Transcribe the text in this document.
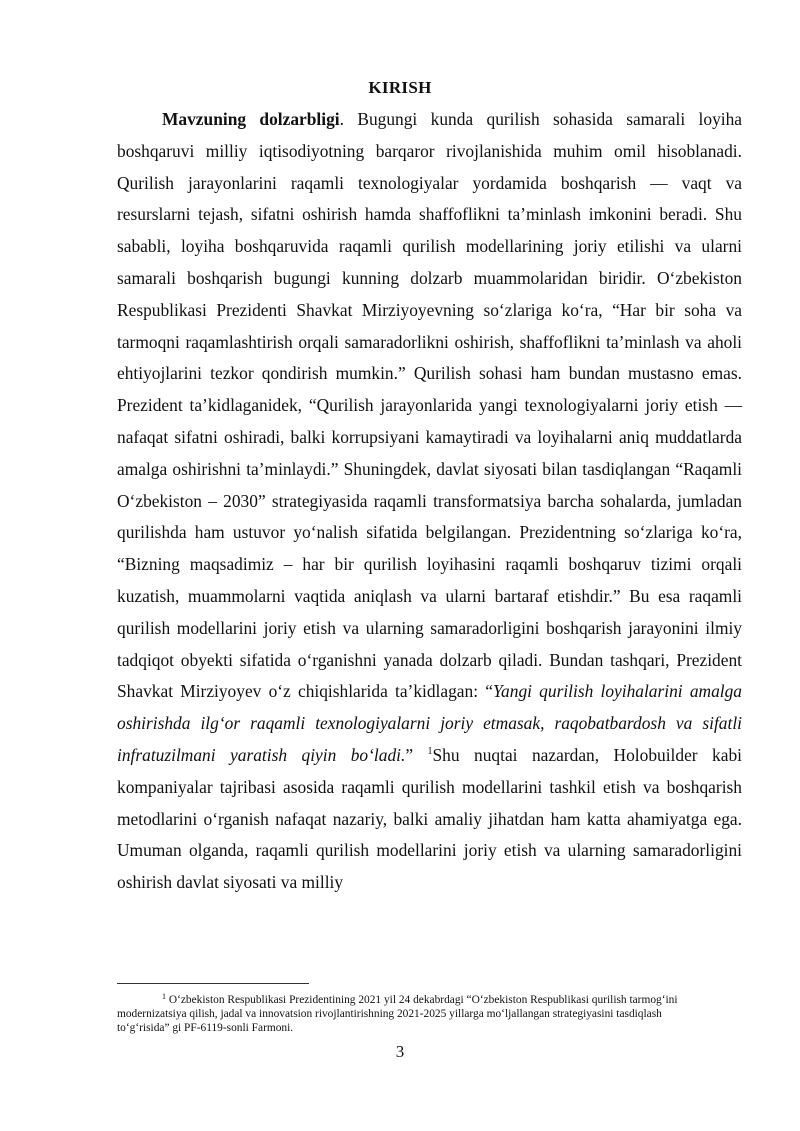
KIRISH

Mavzuning dolzarbligi. Bugungi kunda qurilish sohasida samarali loyiha boshqaruvi milliy iqtisodiyotning barqaror rivojlanishida muhim omil hisoblanadi. Qurilish jarayonlarini raqamli texnologiyalar yordamida boshqarish — vaqt va resurslarni tejash, sifatni oshirish hamda shaffoflikni taʼminlash imkonini beradi. Shu sababli, loyiha boshqaruvida raqamli qurilish modellarining joriy etilishi va ularni samarali boshqarish bugungi kunning dolzarb muammolaridan biridir. Oʻzbekiston Respublikasi Prezidenti Shavkat Mirziyoyevning soʻzlariga koʻra, “Har bir soha va tarmoqni raqamlashtirish orqali samaradorlikni oshirish, shaffoflikni taʼminlash va aholi ehtiyojlarini tezkor qondirish mumkin.” Qurilish sohasi ham bundan mustasno emas. Prezident taʼkidlaganidek, “Qurilish jarayonlarida yangi texnologiyalarni joriy etish — nafaqat sifatni oshiradi, balki korrupsiyani kamaytiradi va loyihalarni aniq muddatlarda amalga oshirishni taʼminlaydi.” Shuningdek, davlat siyosati bilan tasdiqlangan “Raqamli Oʻzbekiston – 2030” strategiyasida raqamli transformatsiya barcha sohalarda, jumladan qurilishda ham ustuvor yoʻnalish sifatida belgilangan. Prezidentning soʻzlariga koʻra, “Bizning maqsadimiz – har bir qurilish loyihasini raqamli boshqaruv tizimi orqali kuzatish, muammolarni vaqtida aniqlash va ularni bartaraf etishdir.” Bu esa raqamli qurilish modellarini joriy etish va ularning samaradorligini boshqarish jarayonini ilmiy tadqiqot obyekti sifatida oʻrganishni yanada dolzarb qiladi. Bundan tashqari, Prezident Shavkat Mirziyoyev oʻz chiqishlarida taʼkidlagan: “Yangi qurilish loyihalarini amalga oshirishda ilgʻor raqamli texnologiyalarni joriy etmasak, raqobatbardosh va sifatli infratuzilmani yaratish qiyin boʻladi.” $^1$Shu nuqtai nazardan, Holobuilder kabi kompaniyalar tajribasi asosida raqamli qurilish modellarini tashkil etish va boshqarish metodlarini oʻrganish nafaqat nazariy, balki amaliy jihatdan ham katta ahamiyatga ega. Umuman olganda, raqamli qurilish modellarini joriy etish va ularning samaradorligini oshirish davlat siyosati va milliy

$^1$ Oʻzbekiston Respublikasi Prezidentining 2021 yil 24 dekabrdagi “Oʻzbekiston Respublikasi qurilish tarmogʻini modernizatsiya qilish, jadal va innovatsion rivojlantirishning 2021-2025 yillarga moʻljallangan strategiyasini tasdiqlash toʻgʻrisida” gi PF-6119-sonli Farmoni.

3
